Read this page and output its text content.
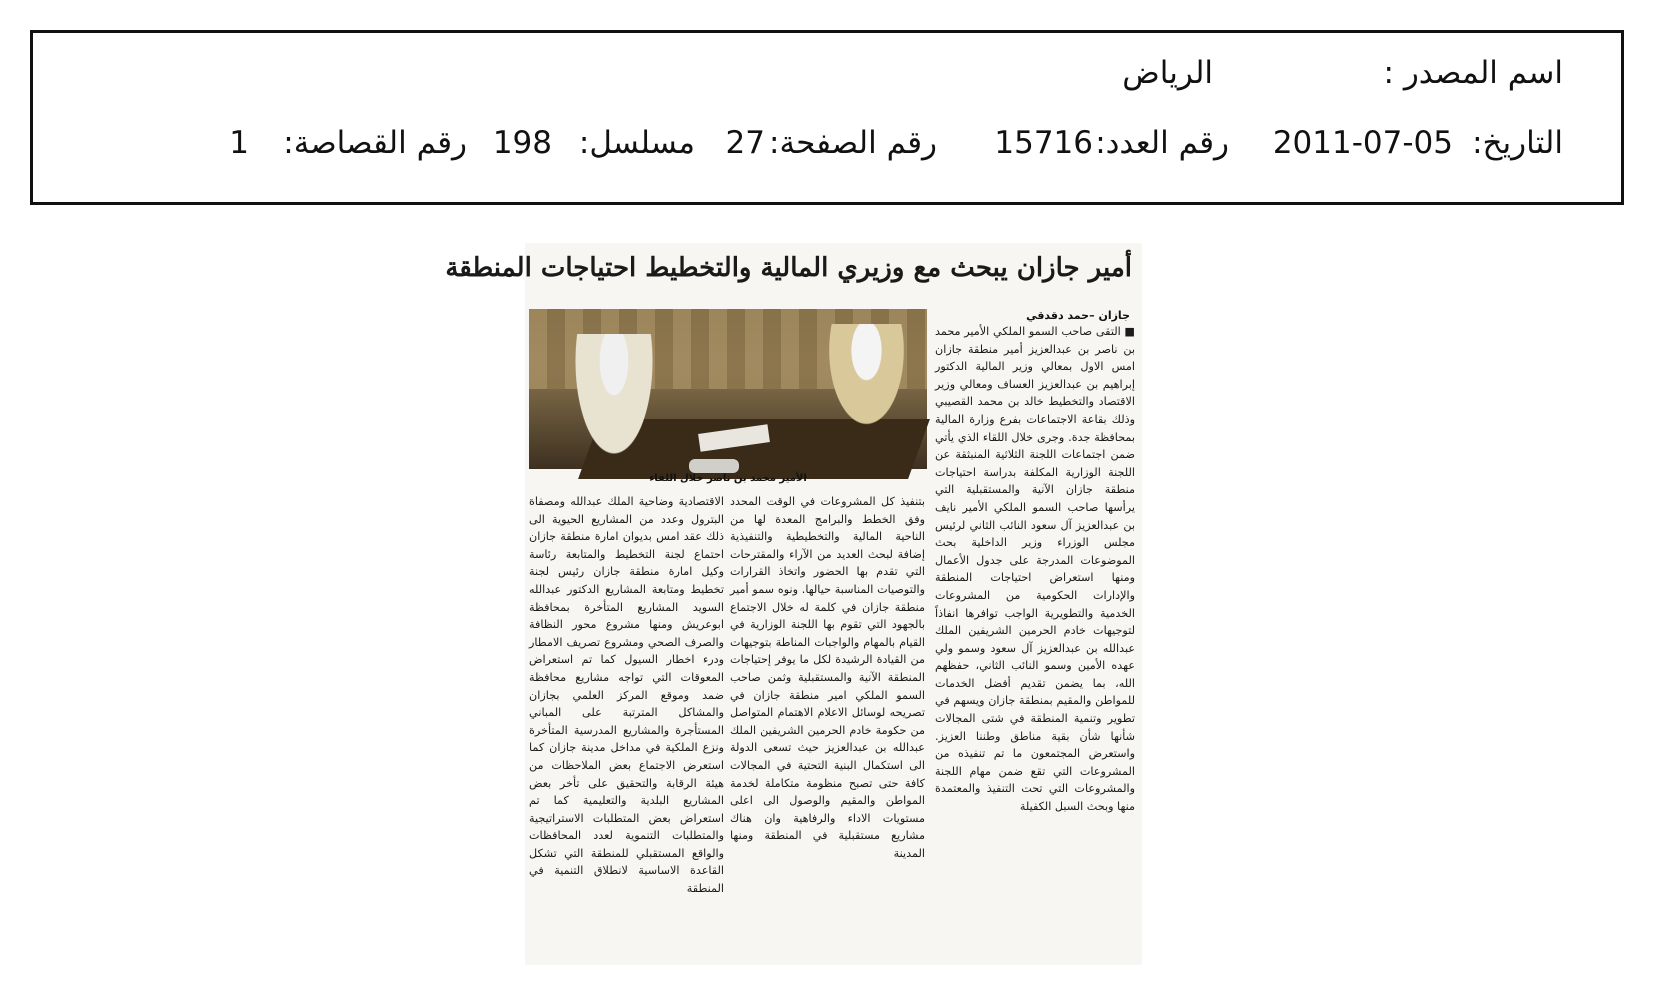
اسم المصدر :
الرياض
التاريخ:
2011-07-05
رقم العدد:
15716
رقم الصفحة:
27
مسلسل:
198
رقم القصاصة:
1
أمير جازان يبحث مع وزيري المالية والتخطيط احتياجات المنطقة
جازان –حمد دقدقي
الأمير محمد بن ناصر خلال اللقاء

■ التقى صاحب السمو الملكي الأمير محمد بن ناصر بن عبدالعزيز أمير منطقة جازان امس الاول بمعالي وزير المالية الدكتور إبراهيم بن عبدالعزيز العساف ومعالي وزير الاقتصاد والتخطيط خالد بن محمد القصيبي وذلك بقاعة الاجتماعات بفرع وزارة المالية بمحافظة جدة. وجرى خلال اللقاء الذي يأتي ضمن اجتماعات اللجنة الثلاثية المنبثقة عن اللجنة الوزارية المكلفة بدراسة احتياجات منطقة جازان الآنية والمستقبلية التي يرأسها صاحب السمو الملكي الأمير نايف بن عبدالعزيز آل سعود النائب الثاني لرئيس مجلس الوزراء وزير الداخلية بحث الموضوعات المدرجة على جدول الأعمال ومنها استعراض احتياجات المنطقة والإدارات الحكومية من المشروعات الخدمية والتطويرية الواجب توافرها انفاذاً لتوجيهات خادم الحرمين الشريفين الملك عبدالله بن عبدالعزيز آل سعود وسمو ولي عهده الأمين وسمو النائب الثاني، حفظهم الله، بما يضمن تقديم أفضل الخدمات للمواطن والمقيم بمنطقة جازان ويسهم في تطوير وتنمية المنطقة في شتى المجالات شأنها شأن بقية مناطق وطننا العزيز. واستعرض المجتمعون ما تم تنفيذه من المشروعات التي تقع ضمن مهام اللجنة والمشروعات التي تحت التنفيذ والمعتمدة منها وبحث السبل الكفيلة

بتنفيذ كل المشروعات في الوقت المحدد وفق الخطط والبرامج المعدة لها من الناحية المالية والتخطيطية والتنفيذية إضافة لبحث العديد من الآراء والمقترحات التي تقدم بها الحضور واتخاذ القرارات والتوصيات المناسبة حيالها. ونوه سمو أمير منطقة جازان في كلمة له خلال الاجتماع بالجهود التي تقوم بها اللجنة الوزارية في القيام بالمهام والواجبات المناطة بتوجيهات من القيادة الرشيدة لكل ما يوفر إحتياجات المنطقة الآنية والمستقبلية وثمن صاحب السمو الملكي امير منطقة جازان في تصريحه لوسائل الاعلام الاهتمام المتواصل من حكومة خادم الحرمين الشريفين الملك عبدالله بن عبدالعزيز حيث تسعى الدولة الى استكمال البنية التحتية في المجالات كافة حتى تصبح منظومة متكاملة لخدمة المواطن والمقيم والوصول الى اعلى مستويات الاداء والرفاهية وان هناك مشاريع مستقبلية في المنطقة ومنها المدينة

الاقتصادية وضاحية الملك عبدالله ومصفاة البترول وعدد من المشاريع الحيوية الى ذلك عقد امس بديوان امارة منطقة جازان احتماع لجنة التخطيط والمتابعة رئاسة وكيل امارة منطقة جازان رئيس لجنة تخطيط ومتابعة المشاريع الدكتور عبدالله السويد المشاريع المتأخرة بمحافظة ابوعريش ومنها مشروع محور النظافة والصرف الصحي ومشروع تصريف الامطار ودرء اخطار السيول كما تم استعراض المعوقات التي تواجه مشاريع محافظة ضمد وموقع المركز العلمي بجازان والمشاكل المترتبة على المباني المستأجرة والمشاريع المدرسية المتأخرة ونزع الملكية في مداخل مدينة جازان كما استعرض الاجتماع بعض الملاحظات من هيئة الرقابة والتحقيق على تأخر بعض المشاريع البلدية والتعليمية كما تم استعراض بعض المتطلبات الاستراتيجية والمتطلبات التنموية لعدد المحافظات والواقع المستقبلي للمنطقة التي تشكل القاعدة الاساسية لانطلاق التنمية في المنطقة
